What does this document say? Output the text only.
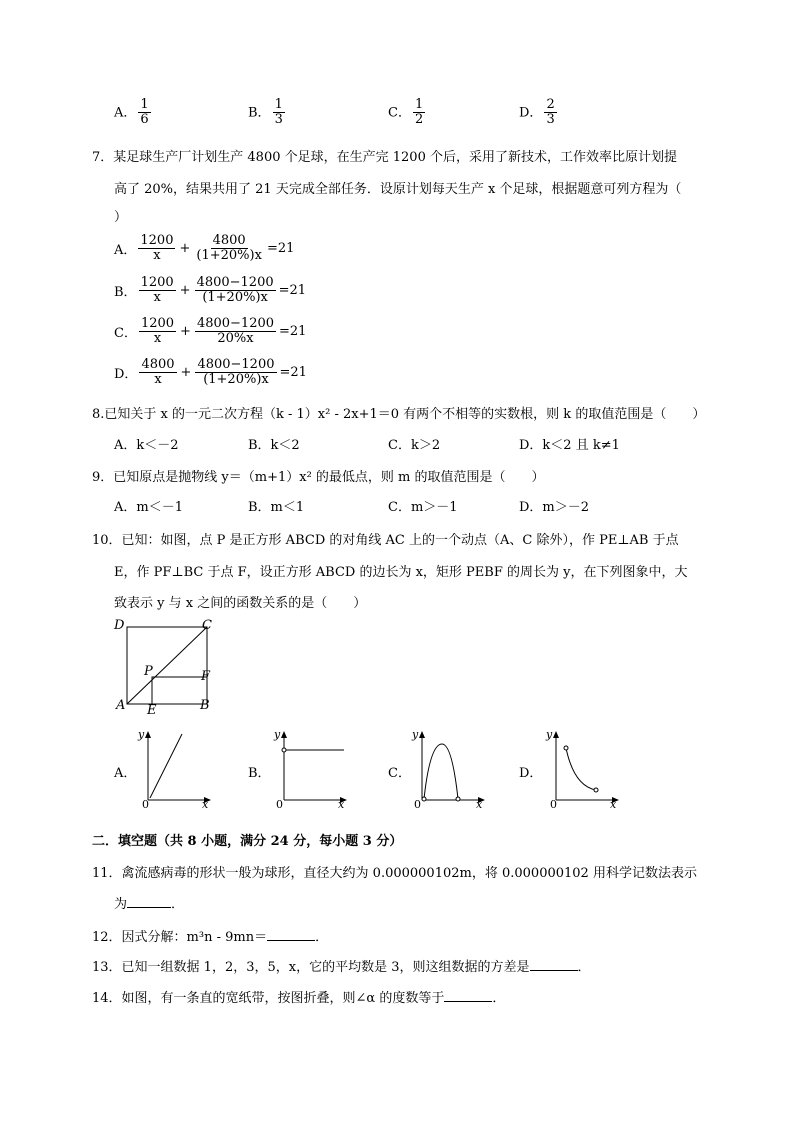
A． $\frac{1}{6}$	B． $\frac{1}{3}$	C． $\frac{1}{2}$	D． $\frac{2}{3}$
7．某足球生产厂计划生产 4800 个足球，在生产完 1200 个后，采用了新技术，工作效率比原计划提
高了 20%，结果共用了 21 天完成全部任务．设原计划每天生产 x 个足球，根据题意可列方程为（
）
A． $\frac{1200}{x} + \frac{4800}{(1+20\%)x} =21$
B． $\frac{1200}{x} + \frac{4800-1200}{(1+20\%)x} =21$
C． $\frac{1200}{x} + \frac{4800-1200}{20\%x} =21$
D． $\frac{4800}{x} + \frac{4800-1200}{(1+20\%)x} =21$
8.已知关于 x 的一元二次方程（k - 1）x² - 2x+1＝0 有两个不相等的实数根，则 k 的取值范围是（　　）
A．k＜－2	B．k＜2	C．k＞2	D．k＜2 且 k≠1
9．已知原点是抛物线 y＝（m+1）x² 的最低点，则 m 的取值范围是（　　）
A．m＜－1	B．m＜1	C．m＞－1	D．m＞－2
10．已知：如图，点 P 是正方形 ABCD 的对角线 AC 上的一个动点（A、C 除外），作 PE⊥AB 于点
E，作 PF⊥BC 于点 F，设正方形 ABCD 的边长为 x，矩形 PEBF 的周长为 y，在下列图象中，大
致表示 y 与 x 之间的函数关系的是（　　）
D	C
P	F
A E	B
A．
y
x
0
B．
y
x
0
C．
y
x
0
D．
y
x
0
二．填空题（共 8 小题，满分 24 分，每小题 3 分）
11．禽流感病毒的形状一般为球形，直径大约为 0.000000102m，将 0.000000102 用科学记数法表示
为	．
12．因式分解：m³n - 9mn＝	．
13．已知一组数据 1，2，3，5，x，它的平均数是 3，则这组数据的方差是	．
14．如图，有一条直的宽纸带，按图折叠，则∠α 的度数等于	．
